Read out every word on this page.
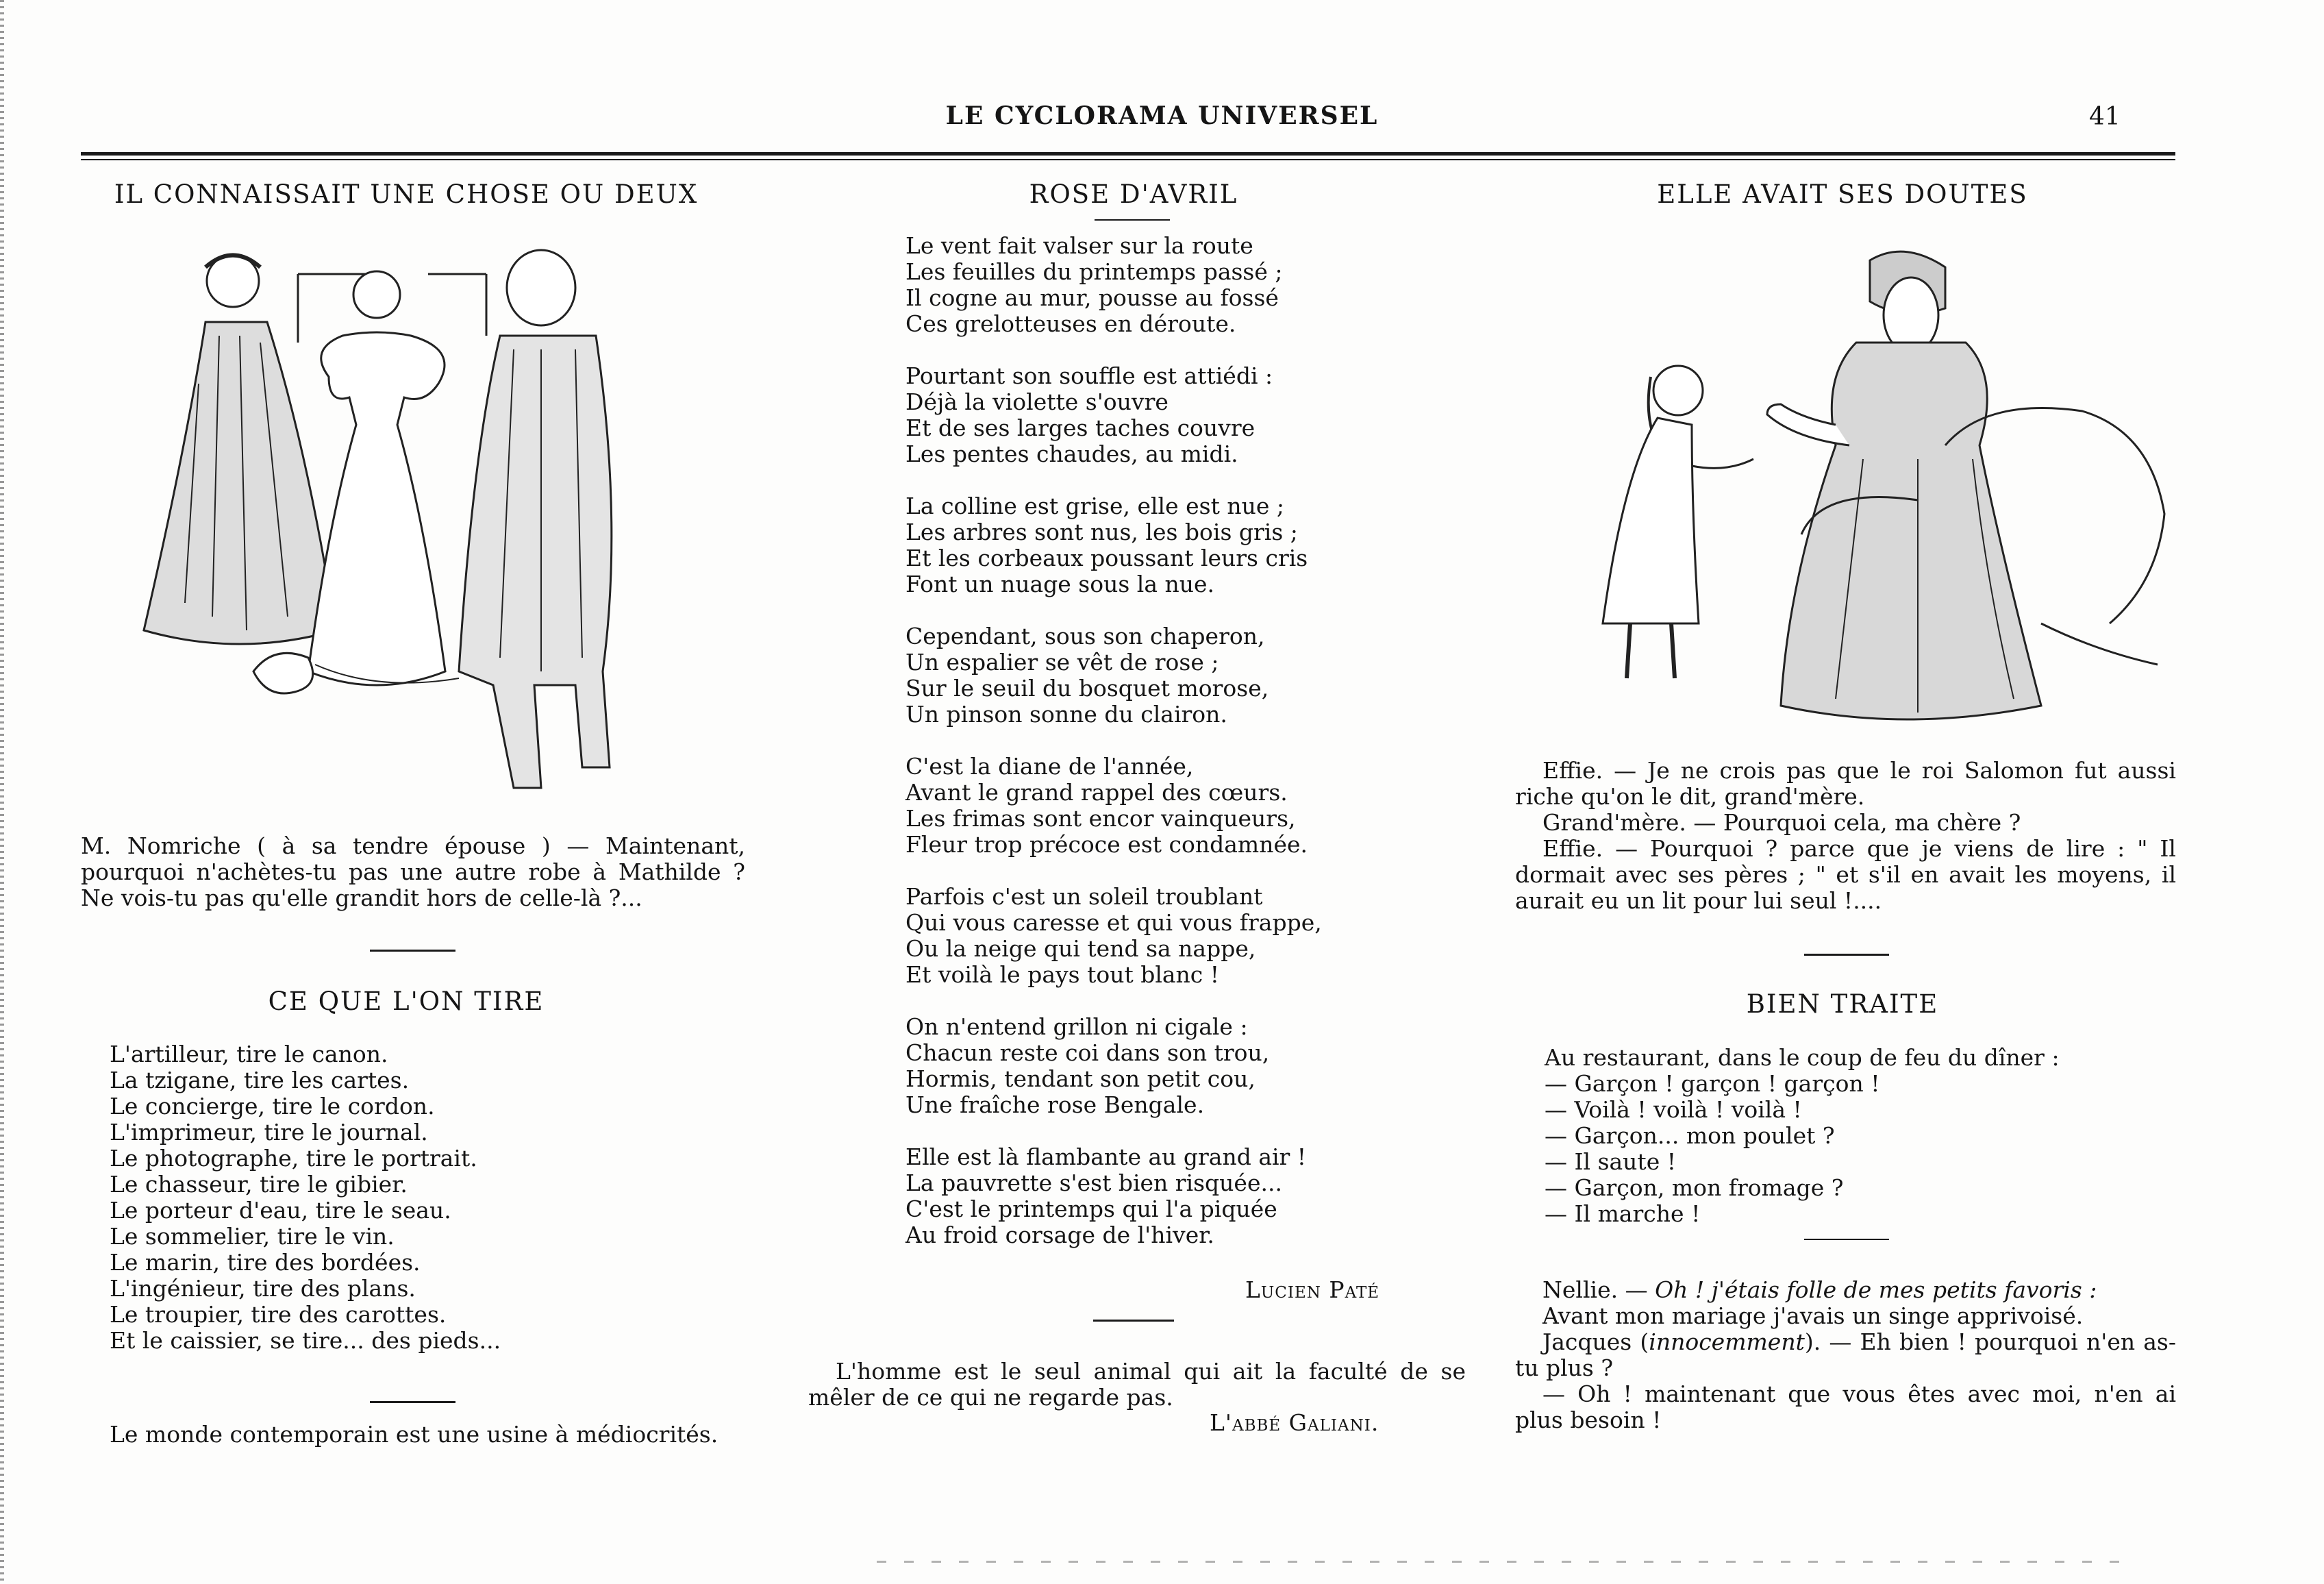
LE CYCLORAMA UNIVERSEL	41
IL CONNAISSAIT UNE CHOSE OU DEUX
M. Nomriche ( à sa tendre épouse ) — Maintenant, pourquoi n'achètes-tu pas une autre robe à Mathilde ? Ne vois-tu pas qu'elle grandit hors de celle-là ?...
CE QUE L'ON TIRE
L'artilleur, tire le canon.
La tzigane, tire les cartes.
Le concierge, tire le cordon.
L'imprimeur, tire le journal.
Le photographe, tire le portrait.
Le chasseur, tire le gibier.
Le porteur d'eau, tire le seau.
Le sommelier, tire le vin.
Le marin, tire des bordées.
L'ingénieur, tire des plans.
Le troupier, tire des carottes.
Et le caissier, se tire... des pieds...
Le monde contemporain est une usine à médiocrités.
ROSE D'AVRIL
Le vent fait valser sur la route
Les feuilles du printemps passé ;
Il cogne au mur, pousse au fossé
Ces grelotteuses en déroute.
Pourtant son souffle est attiédi :
Déjà la violette s'ouvre
Et de ses larges taches couvre
Les pentes chaudes, au midi.
La colline est grise, elle est nue ;
Les arbres sont nus, les bois gris ;
Et les corbeaux poussant leurs cris
Font un nuage sous la nue.
Cependant, sous son chaperon,
Un espalier se vêt de rose ;
Sur le seuil du bosquet morose,
Un pinson sonne du clairon.
C'est la diane de l'année,
Avant le grand rappel des cœurs.
Les frimas sont encor vainqueurs,
Fleur trop précoce est condamnée.
Parfois c'est un soleil troublant
Qui vous caresse et qui vous frappe,
Ou la neige qui tend sa nappe,
Et voilà le pays tout blanc !
On n'entend grillon ni cigale :
Chacun reste coi dans son trou,
Hormis, tendant son petit cou,
Une fraîche rose Bengale.
Elle est là flambante au grand air !
La pauvrette s'est bien risquée...
C'est le printemps qui l'a piquée
Au froid corsage de l'hiver.
Lucien Paté
L'homme est le seul animal qui ait la faculté de se mêler de ce qui ne regarde pas.
L'abbé Galiani.
ELLE AVAIT SES DOUTES
Effie. — Je ne crois pas que le roi Salomon fut aussi riche qu'on le dit, grand'mère.
Grand'mère. — Pourquoi cela, ma chère ?
Effie. — Pourquoi ? parce que je viens de lire : " Il dormait avec ses pères ; " et s'il en avait les moyens, il aurait eu un lit pour lui seul !....
BIEN TRAITE
Au restaurant, dans le coup de feu du dîner :
— Garçon ! garçon ! garçon !
— Voilà ! voilà ! voilà !
— Garçon... mon poulet ?
— Il saute !
— Garçon, mon fromage ?
— Il marche !
Nellie. — Oh ! j'étais folle de mes petits favoris :
Avant mon mariage j'avais un singe apprivoisé.
Jacques (innocemment). — Eh bien ! pourquoi n'en as-tu plus ?
— Oh ! maintenant que vous êtes avec moi, n'en ai plus besoin !
